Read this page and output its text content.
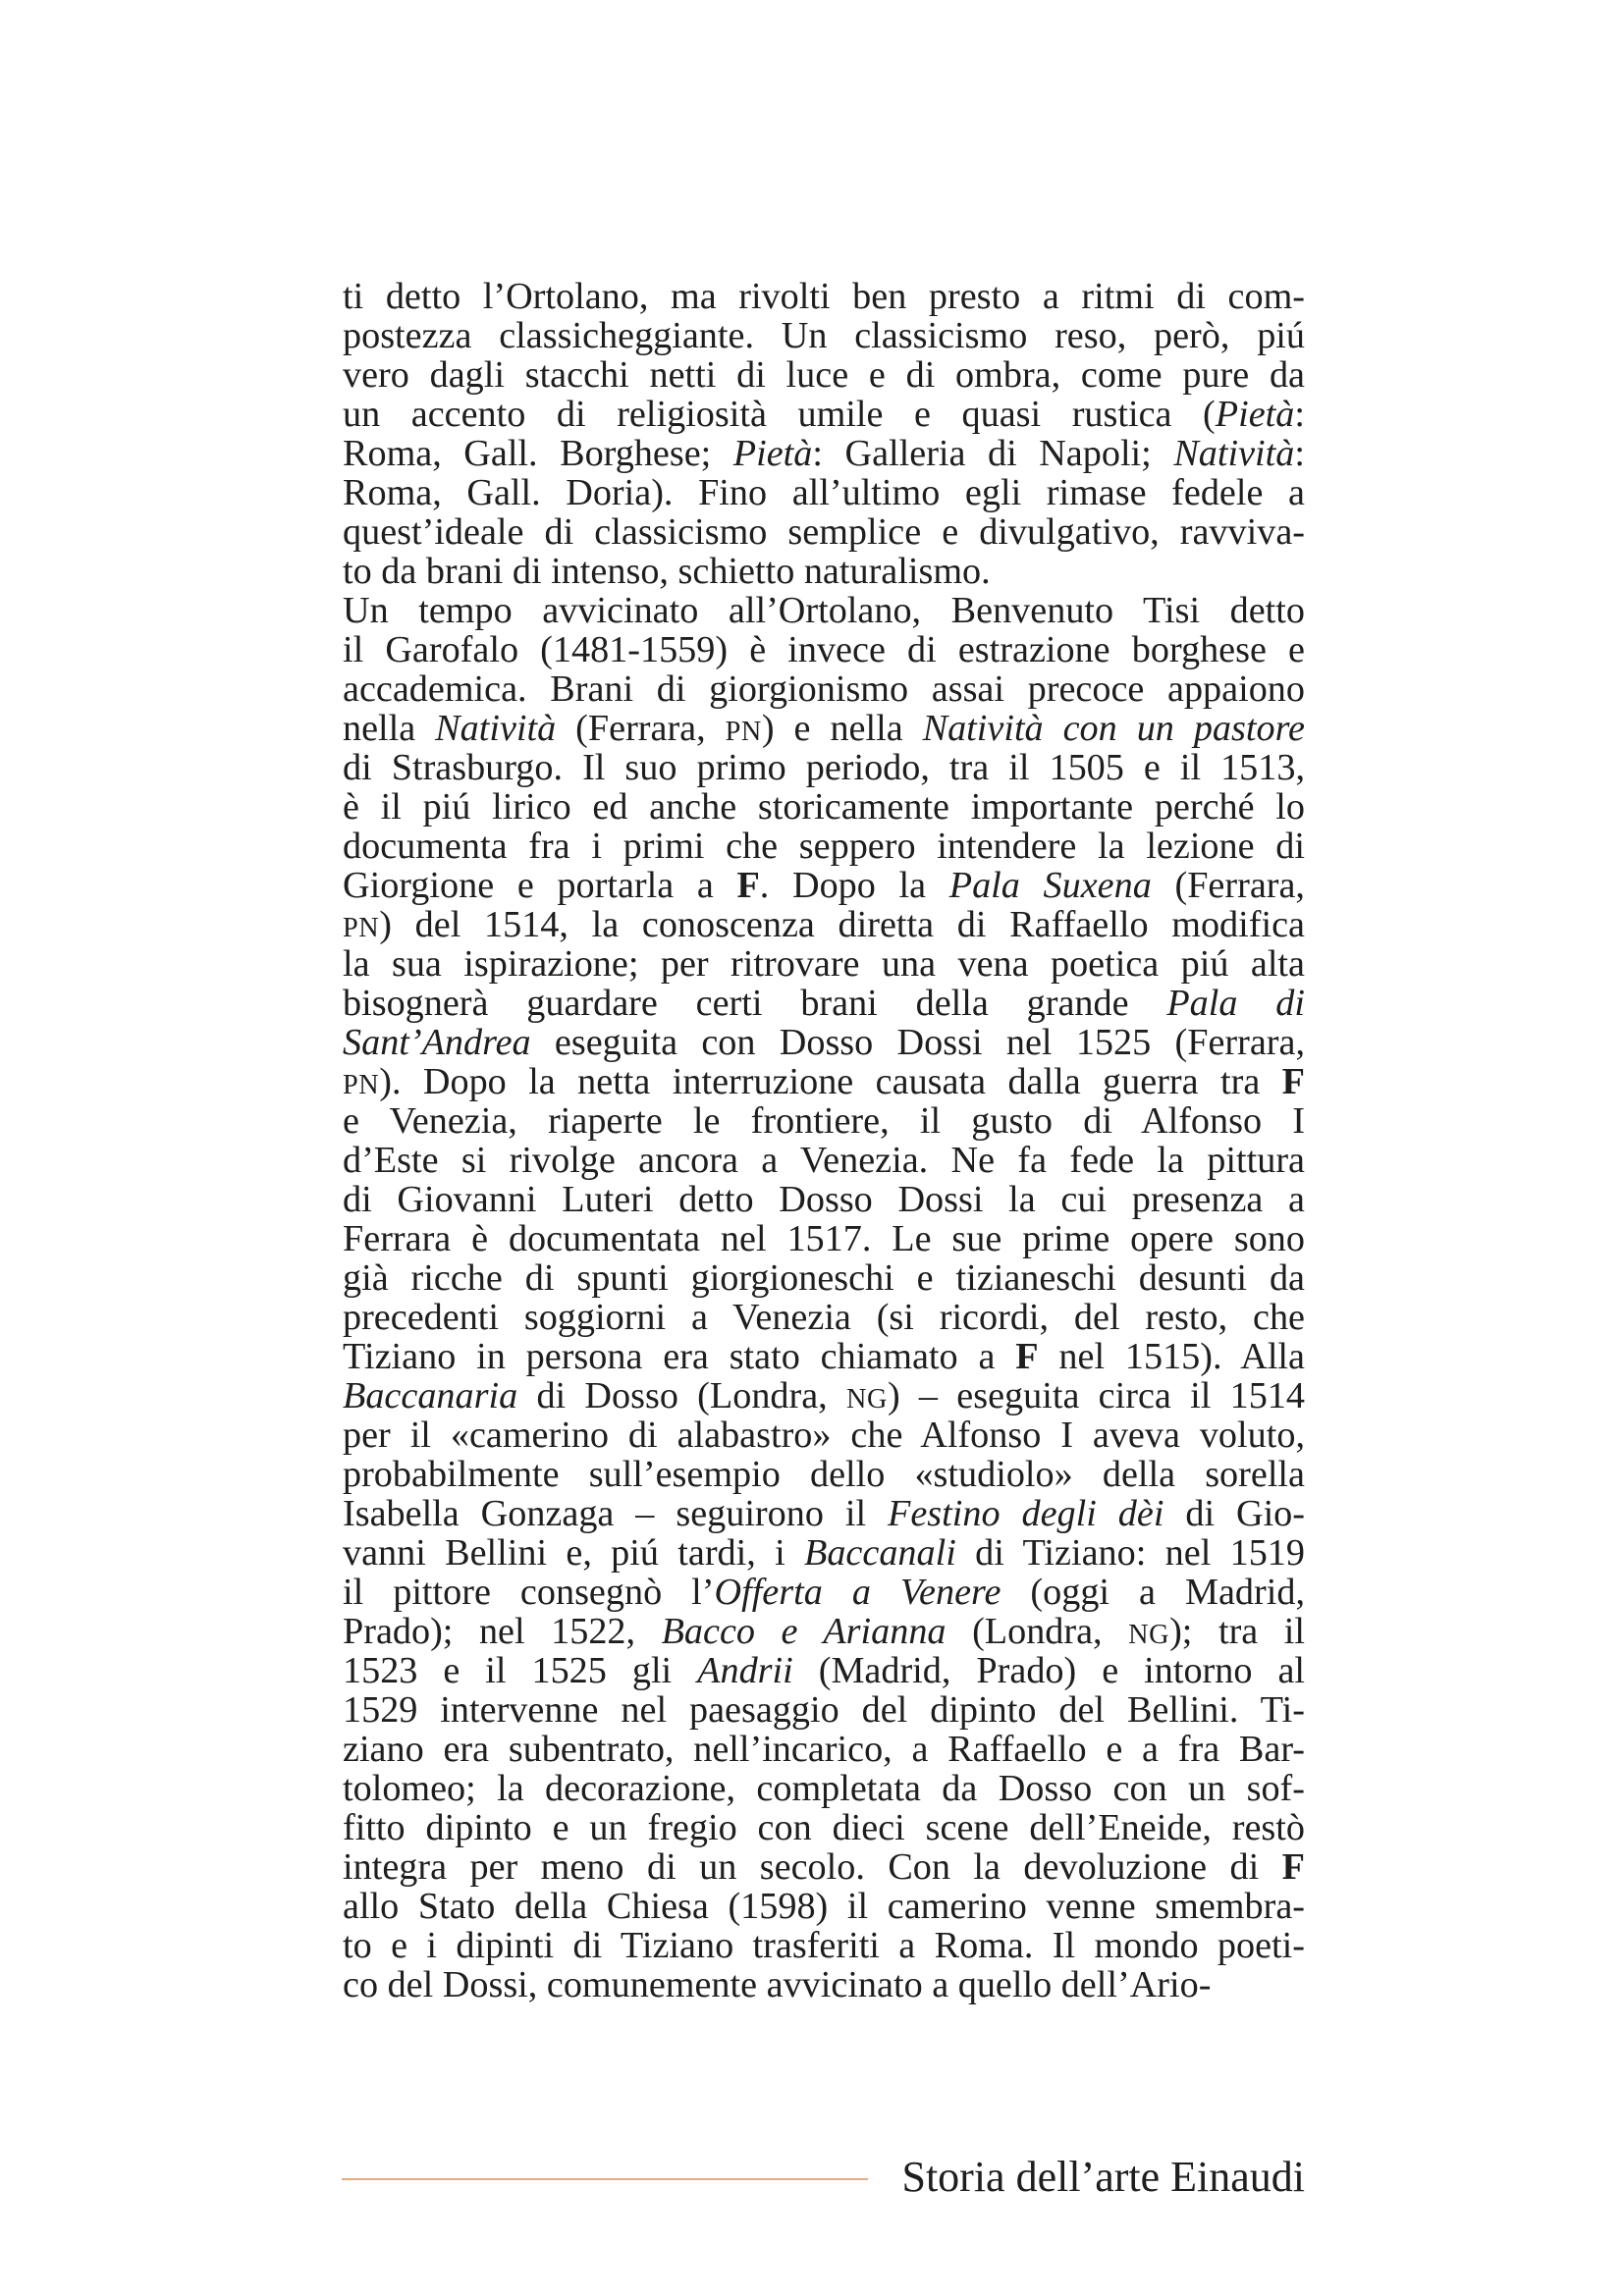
ti detto l’Ortolano, ma rivolti ben presto a ritmi di com-
postezza classicheggiante. Un classicismo reso, però, piú
vero dagli stacchi netti di luce e di ombra, come pure da
un accento di religiosità umile e quasi rustica (Pietà:
Roma, Gall. Borghese; Pietà: Galleria di Napoli; Natività:
Roma, Gall. Doria). Fino all’ultimo egli rimase fedele a
quest’ideale di classicismo semplice e divulgativo, ravviva-
to da brani di intenso, schietto naturalismo.
Un tempo avvicinato all’Ortolano, Benvenuto Tisi detto
il Garofalo (1481-1559) è invece di estrazione borghese e
accademica. Brani di giorgionismo assai precoce appaiono
nella Natività (Ferrara, PN) e nella Natività con un pastore
di Strasburgo. Il suo primo periodo, tra il 1505 e il 1513,
è il piú lirico ed anche storicamente importante perché lo
documenta fra i primi che seppero intendere la lezione di
Giorgione e portarla a F. Dopo la Pala Suxena (Ferrara,
PN) del 1514, la conoscenza diretta di Raffaello modifica
la sua ispirazione; per ritrovare una vena poetica piú alta
bisognerà guardare certi brani della grande Pala di
Sant’Andrea eseguita con Dosso Dossi nel 1525 (Ferrara,
PN). Dopo la netta interruzione causata dalla guerra tra F
e Venezia, riaperte le frontiere, il gusto di Alfonso I
d’Este si rivolge ancora a Venezia. Ne fa fede la pittura
di Giovanni Luteri detto Dosso Dossi la cui presenza a
Ferrara è documentata nel 1517. Le sue prime opere sono
già ricche di spunti giorgioneschi e tizianeschi desunti da
precedenti soggiorni a Venezia (si ricordi, del resto, che
Tiziano in persona era stato chiamato a F nel 1515). Alla
Baccanaria di Dosso (Londra, NG) – eseguita circa il 1514
per il «camerino di alabastro» che Alfonso I aveva voluto,
probabilmente sull’esempio dello «studiolo» della sorella
Isabella Gonzaga – seguirono il Festino degli dèi di Gio-
vanni Bellini e, piú tardi, i Baccanali di Tiziano: nel 1519
il pittore consegnò l’Offerta a Venere (oggi a Madrid,
Prado); nel 1522, Bacco e Arianna (Londra, NG); tra il
1523 e il 1525 gli Andrii (Madrid, Prado) e intorno al
1529 intervenne nel paesaggio del dipinto del Bellini. Ti-
ziano era subentrato, nell’incarico, a Raffaello e a fra Bar-
tolomeo; la decorazione, completata da Dosso con un sof-
fitto dipinto e un fregio con dieci scene dell’Eneide, restò
integra per meno di un secolo. Con la devoluzione di F
allo Stato della Chiesa (1598) il camerino venne smembra-
to e i dipinti di Tiziano trasferiti a Roma. Il mondo poeti-
co del Dossi, comunemente avvicinato a quello dell’Ario-
Storia dell’arte Einaudi
